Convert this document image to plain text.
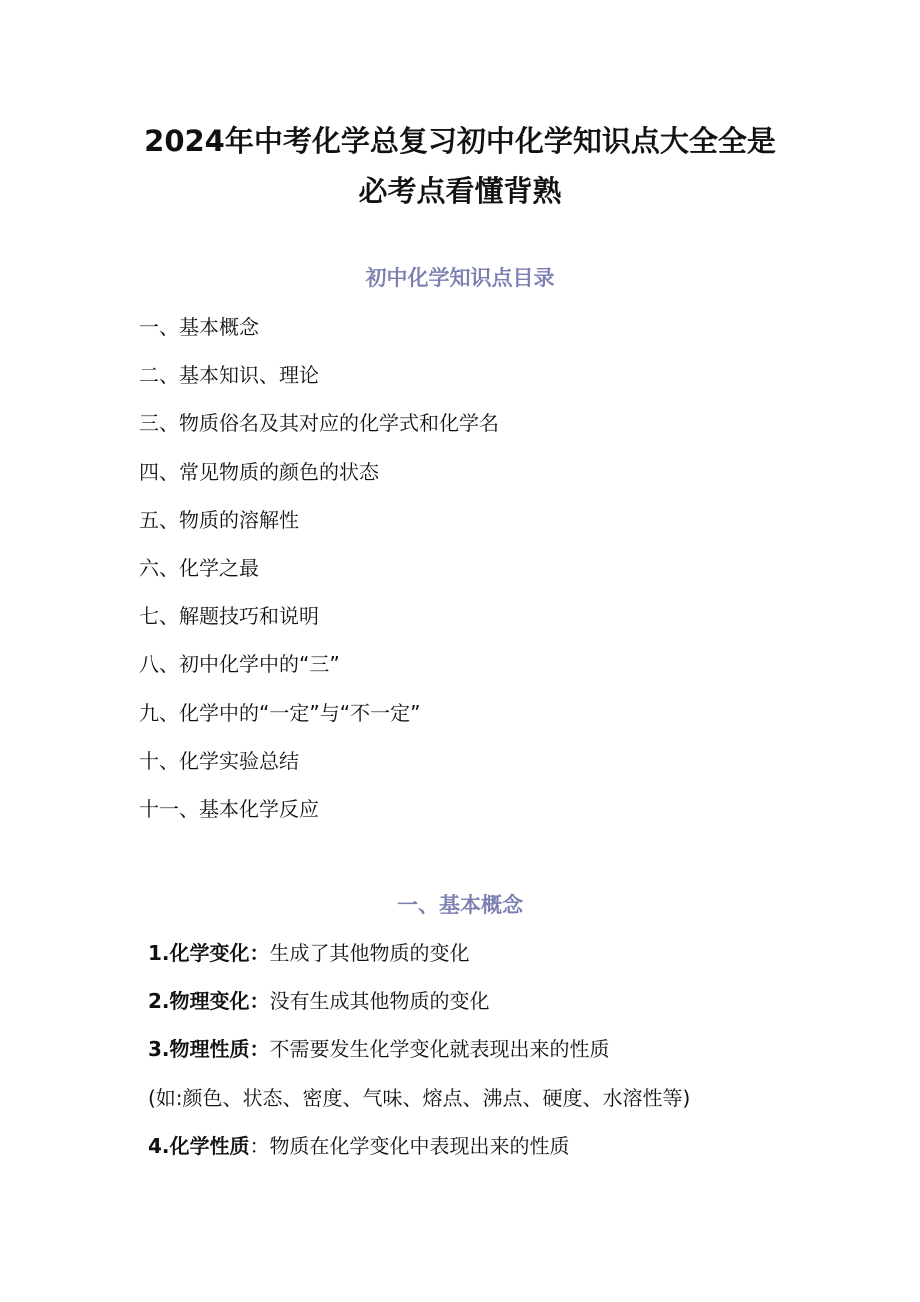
2024年中考化学总复习初中化学知识点大全全是
必考点看懂背熟
初中化学知识点目录
一、基本概念
二、基本知识、理论
三、物质俗名及其对应的化学式和化学名
四、常见物质的颜色的状态
五、物质的溶解性
六、化学之最
七、解题技巧和说明
八、初中化学中的“三”
九、化学中的“一定”与“不一定”
十、化学实验总结
十一、基本化学反应
一、基本概念
1.化学变化：生成了其他物质的变化
2.物理变化：没有生成其他物质的变化
3.物理性质：不需要发生化学变化就表现出来的性质
(如:颜色、状态、密度、气味、熔点、沸点、硬度、水溶性等)
4.化学性质：物质在化学变化中表现出来的性质
